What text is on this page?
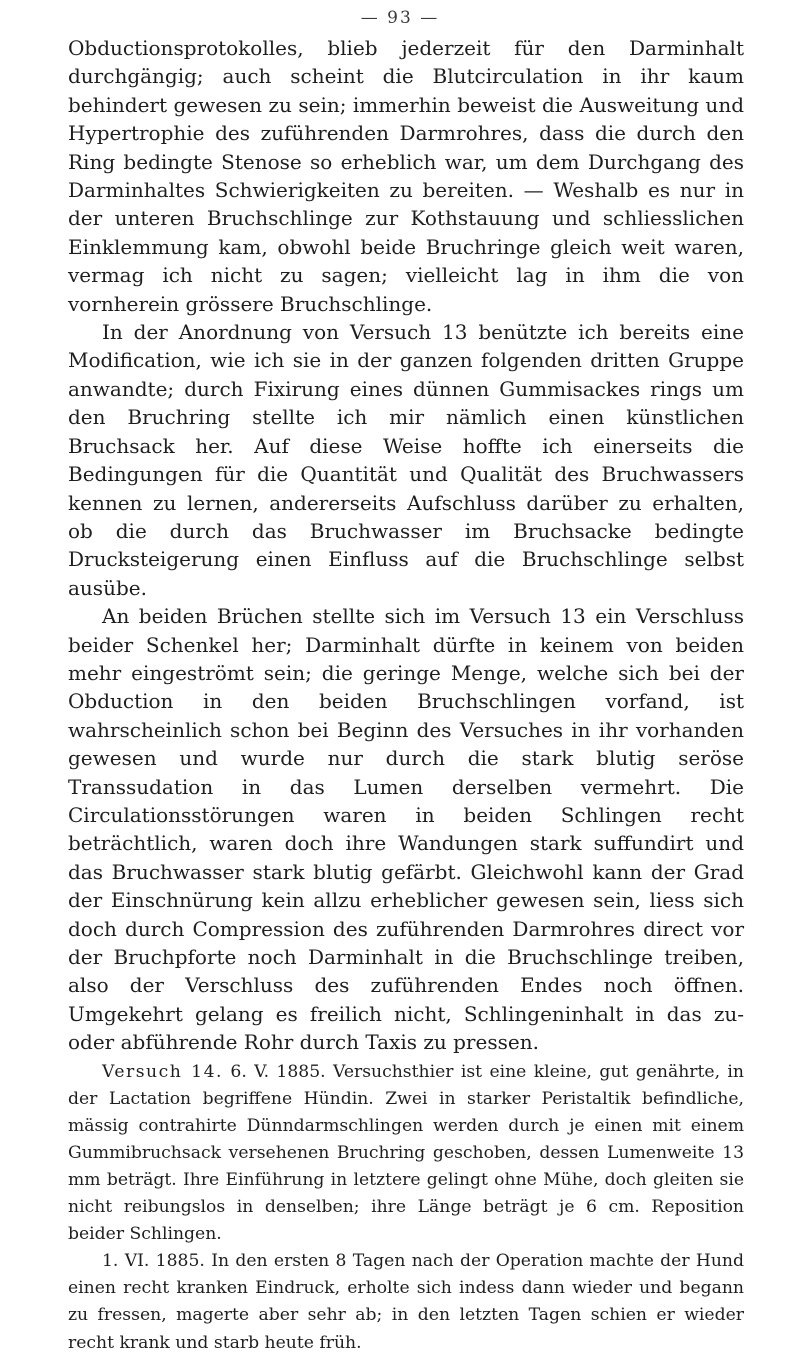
— 93 —

Obductionsprotokolles, blieb jederzeit für den Darminhalt durchgängig; auch scheint die Blutcirculation in ihr kaum behindert gewesen zu sein; immerhin beweist die Ausweitung und Hypertrophie des zuführenden Darmrohres, dass die durch den Ring bedingte Stenose so erheblich war, um dem Durchgang des Darminhaltes Schwierigkeiten zu bereiten. — Weshalb es nur in der unteren Bruchschlinge zur Kothstauung und schliesslichen Einklemmung kam, obwohl beide Bruchringe gleich weit waren, vermag ich nicht zu sagen; vielleicht lag in ihm die von vornherein grössere Bruchschlinge.

In der Anordnung von Versuch 13 benützte ich bereits eine Modification, wie ich sie in der ganzen folgenden dritten Gruppe anwandte; durch Fixirung eines dünnen Gummisackes rings um den Bruchring stellte ich mir nämlich einen künstlichen Bruchsack her. Auf diese Weise hoffte ich einerseits die Bedingungen für die Quantität und Qualität des Bruchwassers kennen zu lernen, andererseits Aufschluss darüber zu erhalten, ob die durch das Bruchwasser im Bruchsacke bedingte Drucksteigerung einen Einfluss auf die Bruchschlinge selbst ausübe.

An beiden Brüchen stellte sich im Versuch 13 ein Verschluss beider Schenkel her; Darminhalt dürfte in keinem von beiden mehr eingeströmt sein; die geringe Menge, welche sich bei der Obduction in den beiden Bruchschlingen vorfand, ist wahrscheinlich schon bei Beginn des Versuches in ihr vorhanden gewesen und wurde nur durch die stark blutig seröse Transsudation in das Lumen derselben vermehrt. Die Circulationsstörungen waren in beiden Schlingen recht beträchtlich, waren doch ihre Wandungen stark suffundirt und das Bruchwasser stark blutig gefärbt. Gleichwohl kann der Grad der Einschnürung kein allzu erheblicher gewesen sein, liess sich doch durch Compression des zuführenden Darmrohres direct vor der Bruchpforte noch Darminhalt in die Bruchschlinge treiben, also der Verschluss des zuführenden Endes noch öffnen. Umgekehrt gelang es freilich nicht, Schlingeninhalt in das zu- oder abführende Rohr durch Taxis zu pressen.

Versuch 14. 6. V. 1885. Versuchsthier ist eine kleine, gut genährte, in der Lactation begriffene Hündin. Zwei in starker Peristaltik befindliche, mässig contrahirte Dünndarmschlingen werden durch je einen mit einem Gummibruchsack versehenen Bruchring geschoben, dessen Lumenweite 13 mm beträgt. Ihre Einführung in letztere gelingt ohne Mühe, doch gleiten sie nicht reibungslos in denselben; ihre Länge beträgt je 6 cm. Reposition beider Schlingen.

1. VI. 1885. In den ersten 8 Tagen nach der Operation machte der Hund einen recht kranken Eindruck, erholte sich indess dann wieder und begann zu fressen, magerte aber sehr ab; in den letzten Tagen schien er wieder recht krank und starb heute früh.
